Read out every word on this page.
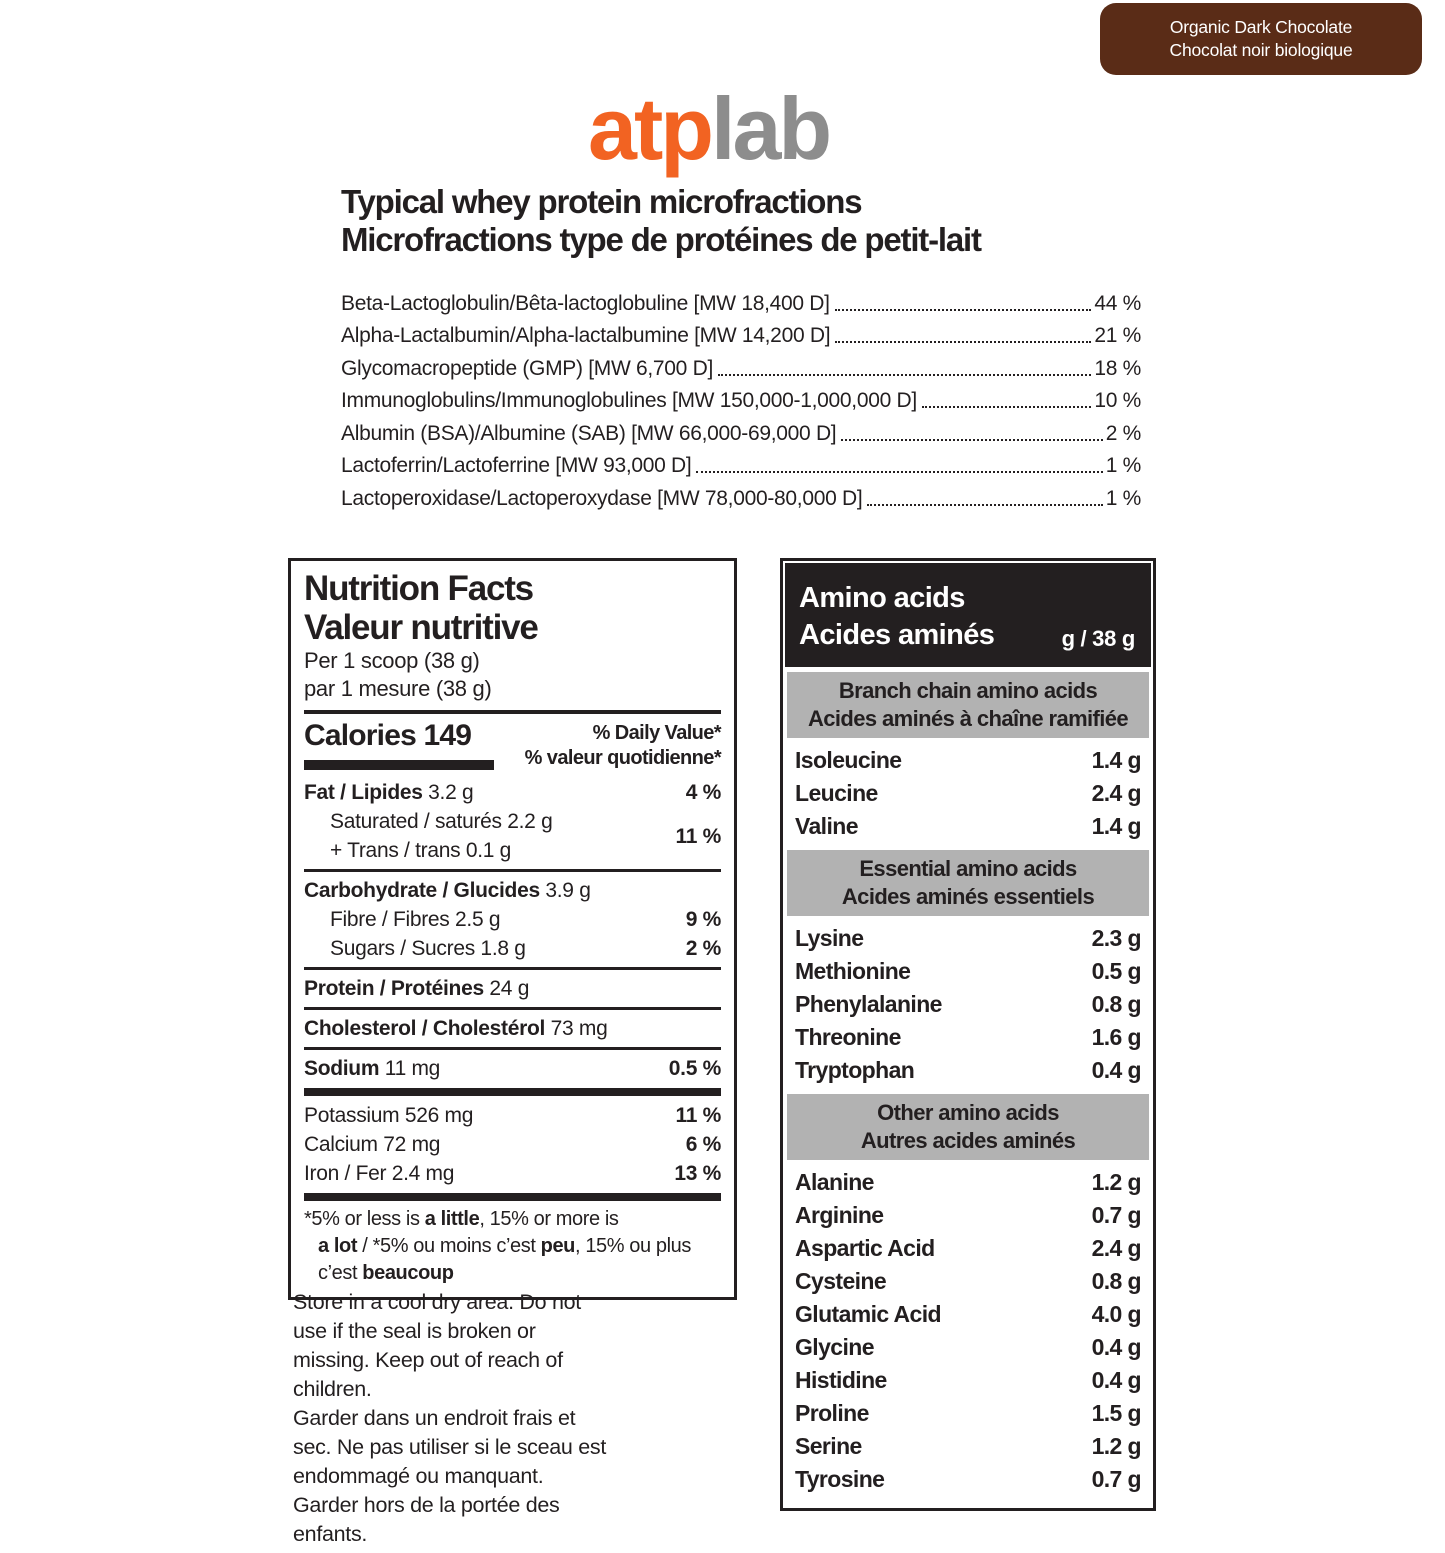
Organic Dark Chocolate
Chocolat noir biologique
atplab
Typical whey protein microfractions
Microfractions type de protéines de petit-lait
Beta-Lactoglobulin/Bêta-lactoglobuline [MW 18,400 D]	44 %
Alpha-Lactalbumin/Alpha-lactalbumine [MW 14,200 D]	21 %
Glycomacropeptide (GMP) [MW 6,700 D]	18 %
Immunoglobulins/Immunoglobulines [MW 150,000-1,000,000 D]	10 %
Albumin (BSA)/Albumine (SAB) [MW 66,000-69,000 D]	2 %
Lactoferrin/Lactoferrine [MW 93,000 D]	1 %
Lactoperoxidase/Lactoperoxydase [MW 78,000-80,000 D]	1 %
Nutrition Facts
Valeur nutritive
Per 1 scoop (38 g)
par 1 mesure (38 g)
Calories 149	% Daily Value*
% valeur quotidienne*
Fat / Lipides 3.2 g	4 %
Saturated / saturés 2.2 g
+ Trans / trans 0.1 g
11 %
Carbohydrate / Glucides 3.9 g
Fibre / Fibres 2.5 g	9 %
Sugars / Sucres 1.8 g	2 %
Protein / Protéines 24 g
Cholesterol / Cholestérol 73 mg
Sodium 11 mg	0.5 %
Potassium 526 mg	11 %
Calcium 72 mg	6 %
Iron / Fer 2.4 mg	13 %
*5% or less is a little, 15% or more is
a lot / *5% ou moins c’est peu, 15% ou plus
c’est beaucoup
Amino acids
Acides aminés	g / 38 g
Branch chain amino acids
Acides aminés à chaîne ramifiée
Isoleucine	1.4 g
Leucine	2.4 g
Valine	1.4 g
Essential amino acids
Acides aminés essentiels
Lysine	2.3 g
Methionine	0.5 g
Phenylalanine	0.8 g
Threonine	1.6 g
Tryptophan	0.4 g
Other amino acids
Autres acides aminés
Alanine	1.2 g
Arginine	0.7 g
Aspartic Acid	2.4 g
Cysteine	0.8 g
Glutamic Acid	4.0 g
Glycine	0.4 g
Histidine	0.4 g
Proline	1.5 g
Serine	1.2 g
Tyrosine	0.7 g
Store in a cool dry area. Do not
use if the seal is broken or
missing. Keep out of reach of
children.
Garder dans un endroit frais et
sec. Ne pas utiliser si le sceau est
endommagé ou manquant.
Garder hors de la portée des
enfants.
